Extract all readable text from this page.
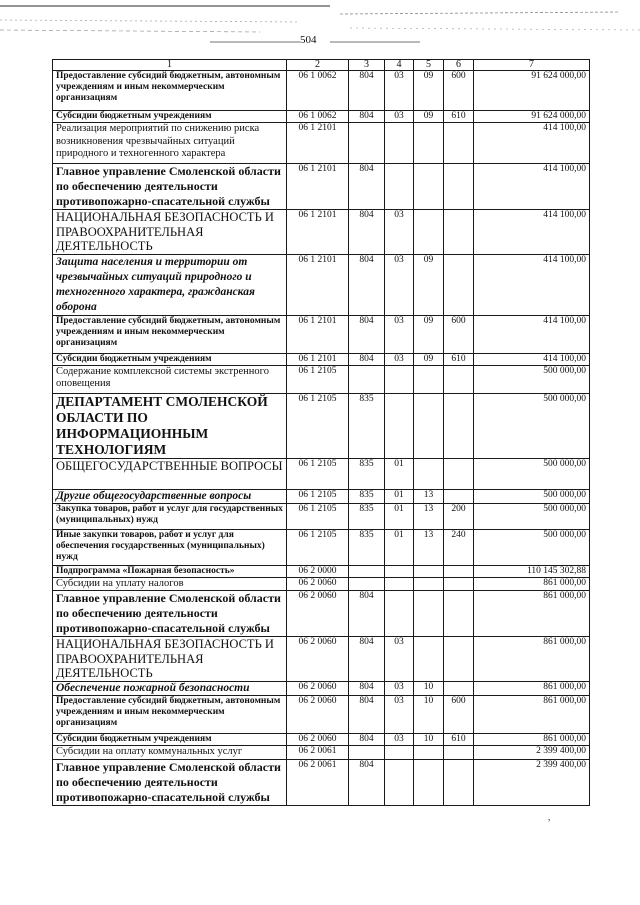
504
1	2	3	4	5	6	7
Предоставление субсидий бюджетным, автономным учреждениям и иным некоммерческим организациям	06 1 0062	804	03	09	600	91 624 000,00
Субсидии бюджетным учреждениям	06 1 0062	804	03	09	610	91 624 000,00
Реализация мероприятий по снижению риска возникновения чрезвычайных ситуаций природного и техногенного характера	06 1 2101					414 100,00
Главное управление Смоленской области по обеспечению деятельности противопожарно-спасательной службы	06 1 2101	804				414 100,00
НАЦИОНАЛЬНАЯ БЕЗОПАСНОСТЬ И ПРАВООХРАНИТЕЛЬНАЯ ДЕЯТЕЛЬНОСТЬ	06 1 2101	804	03			414 100,00
Защита населения и территории от чрезвычайных ситуаций природного и техногенного характера, гражданская оборона	06 1 2101	804	03	09		414 100,00
Предоставление субсидий бюджетным, автономным учреждениям и иным некоммерческим организациям	06 1 2101	804	03	09	600	414 100,00
Субсидии бюджетным учреждениям	06 1 2101	804	03	09	610	414 100,00
Содержание комплексной системы экстренного оповещения	06 1 2105					500 000,00
ДЕПАРТАМЕНТ СМОЛЕНСКОЙ ОБЛАСТИ ПО ИНФОРМАЦИОННЫМ ТЕХНОЛОГИЯМ	06 1 2105	835				500 000,00
ОБЩЕГОСУДАРСТВЕННЫЕ ВОПРОСЫ	06 1 2105	835	01			500 000,00
Другие общегосударственные вопросы	06 1 2105	835	01	13		500 000,00
Закупка товаров, работ и услуг для государственных (муниципальных) нужд	06 1 2105	835	01	13	200	500 000,00
Иные закупки товаров, работ и услуг для обеспечения государственных (муниципальных) нужд	06 1 2105	835	01	13	240	500 000,00
Подпрограмма «Пожарная безопасность»	06 2 0000					110 145 302,88
Субсидии на уплату налогов	06 2 0060					861 000,00
Главное управление Смоленской области по обеспечению деятельности противопожарно-спасательной службы	06 2 0060	804				861 000,00
НАЦИОНАЛЬНАЯ БЕЗОПАСНОСТЬ И ПРАВООХРАНИТЕЛЬНАЯ ДЕЯТЕЛЬНОСТЬ	06 2 0060	804	03			861 000,00
Обеспечение пожарной безопасности	06 2 0060	804	03	10		861 000,00
Предоставление субсидий бюджетным, автономным учреждениям и иным некоммерческим организациям	06 2 0060	804	03	10	600	861 000,00
Субсидии бюджетным учреждениям	06 2 0060	804	03	10	610	861 000,00
Субсидии на оплату коммунальных услуг	06 2 0061					2 399 400,00
Главное управление Смоленской области по обеспечению деятельности противопожарно-спасательной службы	06 2 0061	804				2 399 400,00
,
